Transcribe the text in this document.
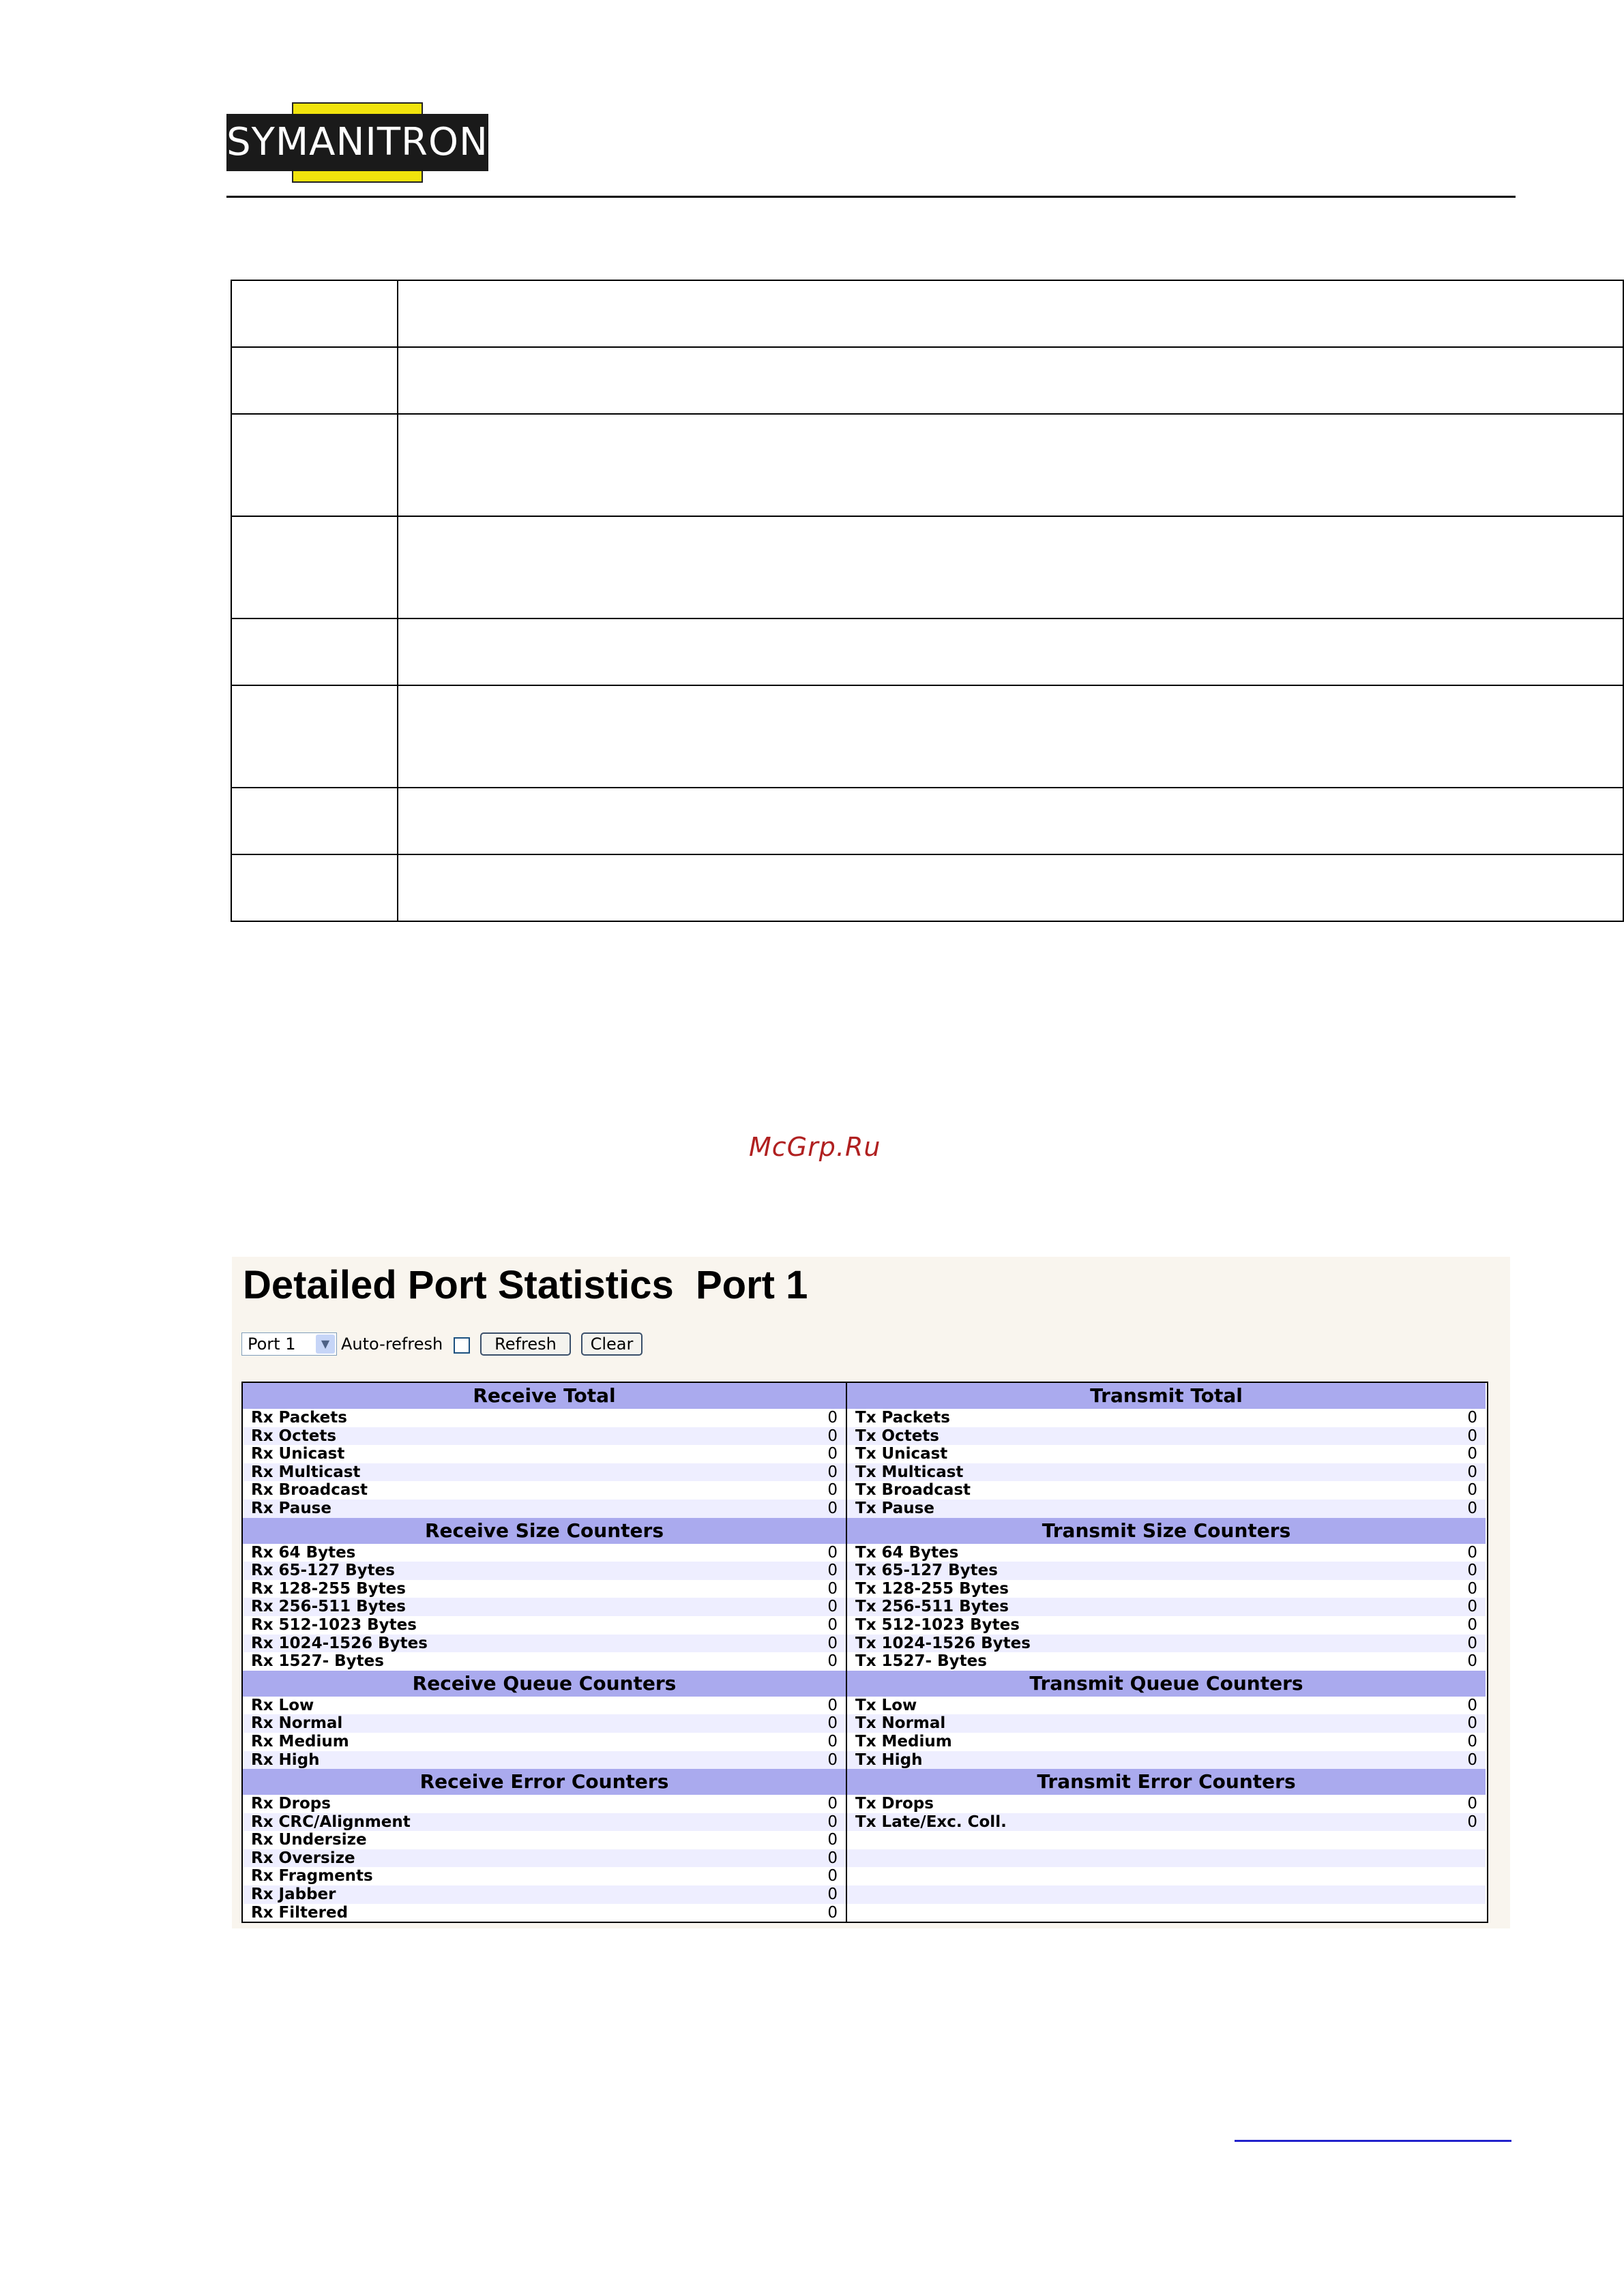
SYMANITRON

McGrp.Ru
Detailed Port Statistics  Port 1
Port 1	▼ Auto-refresh	Refresh	Clear
Receive Total	Transmit Total
Rx Packets	0 Tx Packets	0
Rx Octets	0 Tx Octets	0
Rx Unicast	0 Tx Unicast	0
Rx Multicast	0 Tx Multicast	0
Rx Broadcast	0 Tx Broadcast	0
Rx Pause	0 Tx Pause	0
Receive Size Counters	Transmit Size Counters
Rx 64 Bytes	0 Tx 64 Bytes	0
Rx 65-127 Bytes	0 Tx 65-127 Bytes	0
Rx 128-255 Bytes	0 Tx 128-255 Bytes	0
Rx 256-511 Bytes	0 Tx 256-511 Bytes	0
Rx 512-1023 Bytes	0 Tx 512-1023 Bytes	0
Rx 1024-1526 Bytes	0 Tx 1024-1526 Bytes	0
Rx 1527- Bytes	0 Tx 1527- Bytes	0
Receive Queue Counters	Transmit Queue Counters
Rx Low	0 Tx Low	0
Rx Normal	0 Tx Normal	0
Rx Medium	0 Tx Medium	0
Rx High	0 Tx High	0
Receive Error Counters	Transmit Error Counters
Rx Drops	0 Tx Drops	0
Rx CRC/Alignment	0 Tx Late/Exc. Coll.	0
Rx Undersize	0
Rx Oversize	0
Rx Fragments	0
Rx Jabber	0
Rx Filtered	0
